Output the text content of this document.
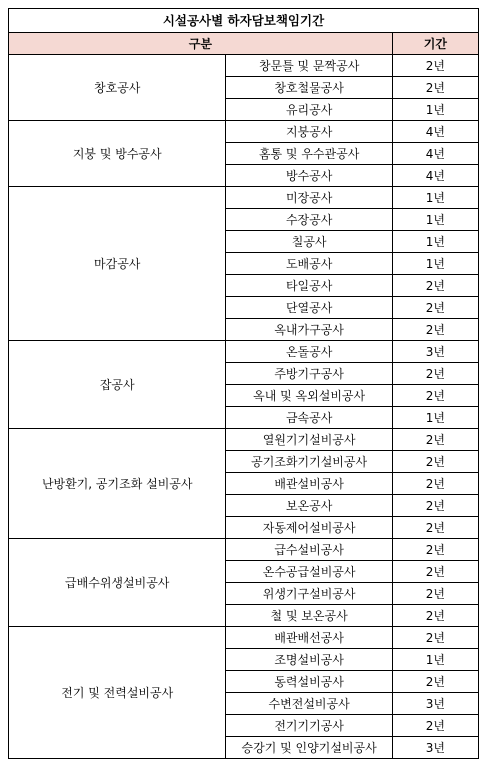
시설공사별 하자담보책임기간		
구분		기간
창호공사	창문틀 및 문짝공사	2년
	창호철물공사	2년
	유리공사	1년
지붕 및 방수공사	지붕공사	4년
	홈통 및 우수관공사	4년
	방수공사	4년
마감공사	미장공사	1년
	수장공사	1년
	칠공사	1년
	도배공사	1년
	타일공사	2년
	단열공사	2년
	옥내가구공사	2년
잡공사	온돌공사	3년
	주방기구공사	2년
	옥내 및 옥외설비공사	2년
	금속공사	1년
난방환기, 공기조화 설비공사	열원기기설비공사	2년
	공기조화기기설비공사	2년
	배관설비공사	2년
	보온공사	2년
	자동제어설비공사	2년
급배수위생설비공사	급수설비공사	2년
	온수공급설비공사	2년
	위생기구설비공사	2년
	철 및 보온공사	2년
전기 및 전력설비공사	배관배선공사	2년
	조명설비공사	1년
	동력설비공사	2년
	수변전설비공사	3년
	전기기기공사	2년
	승강기 및 인양기설비공사	3년
